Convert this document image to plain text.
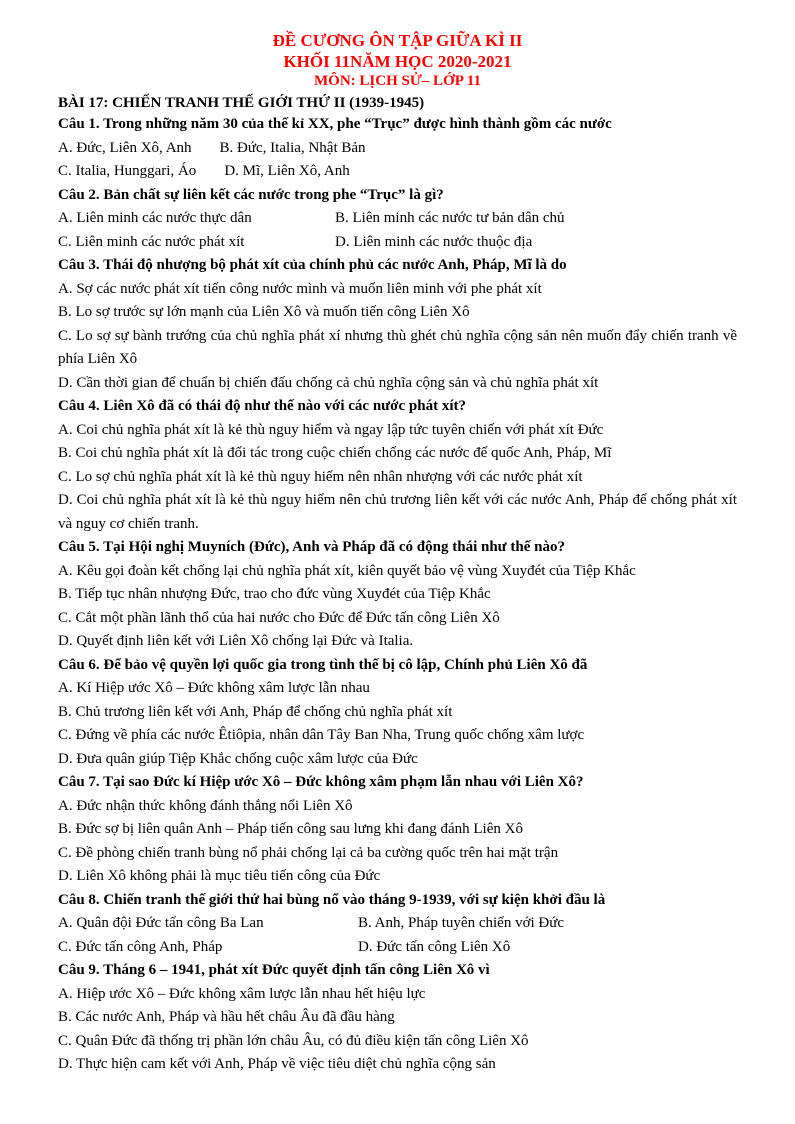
ĐỀ CƯƠNG ÔN TẬP GIỮA KÌ II
KHỐI 11NĂM HỌC 2020-2021
MÔN: LỊCH SỬ– LỚP 11
BÀI 17: CHIẾN TRANH THẾ GIỚI THỨ II (1939-1945)
Câu 1. Trong những năm 30 của thế kỉ XX, phe “Trục” được hình thành gồm các nước
A. Đức, Liên Xô, Anh B. Đức, Italia, Nhật Bản
C. Italia, Hunggari, Áo D. Mĩ, Liên Xô, Anh
Câu 2. Bản chất sự liên kết các nước trong phe “Trục” là gì?
A. Liên minh các nước thực dân	B. Liên minh các nước tư bản dân chủ
C. Liên minh các nước phát xít	D. Liên minh các nước thuộc địa
Câu 3. Thái độ nhượng bộ phát xít của chính phủ các nước Anh, Pháp, Mĩ là do
A. Sợ các nước phát xít tiến công nước mình và muốn liên minh với phe phát xít
B. Lo sợ trước sự lớn mạnh của Liên Xô và muốn tiến công Liên Xô
C. Lo sợ sự bành trướng của chủ nghĩa phát xí nhưng thù ghét chủ nghĩa cộng sản nên muốn đẩy chiến tranh về phía Liên Xô
D. Cần thời gian để chuẩn bị chiến đấu chống cả chủ nghĩa cộng sản và chủ nghĩa phát xít
Câu 4. Liên Xô đã có thái độ như thế nào với các nước phát xít?
A. Coi chủ nghĩa phát xít là kẻ thù nguy hiểm và ngay lập tức tuyên chiến với phát xít Đức
B. Coi chủ nghĩa phát xít là đối tác trong cuộc chiến chống các nước đế quốc Anh, Pháp, Mĩ
C. Lo sợ chủ nghĩa phát xít là kẻ thù nguy hiểm nên nhân nhượng với các nước phát xít
D. Coi chủ nghĩa phát xít là kẻ thù nguy hiểm nên chủ trương liên kết với các nước Anh, Pháp để chống phát xít và nguy cơ chiến tranh.
Câu 5. Tại Hội nghị Muyních (Đức), Anh và Pháp đã có động thái như thế nào?
A. Kêu gọi đoàn kết chống lại chủ nghĩa phát xít, kiên quyết bảo vệ vùng Xuyđét của Tiệp Khắc
B. Tiếp tục nhân nhượng Đức, trao cho đức vùng Xuyđét của Tiệp Khắc
C. Cắt một phần lãnh thổ của hai nước cho Đức để Đức tấn công Liên Xô
D. Quyết định liên kết với Liên Xô chống lại Đức và Italia.
Câu 6. Để bảo vệ quyền lợi quốc gia trong tình thế bị cô lập, Chính phủ Liên Xô đã
A. Kí Hiệp ước Xô – Đức không xâm lược lẫn nhau
B. Chủ trương liên kết với Anh, Pháp để chống chủ nghĩa phát xít
C. Đứng về phía các nước Êtiôpia, nhân dân Tây Ban Nha, Trung quốc chống xâm lược
D. Đưa quân giúp Tiệp Khắc chống cuộc xâm lược của Đức
Câu 7. Tại sao Đức kí Hiệp ước Xô – Đức không xâm phạm lẫn nhau với Liên Xô?
A. Đức nhận thức không đánh thắng nổi Liên Xô
B. Đức sợ bị liên quân Anh – Pháp tiến công sau lưng khi đang đánh Liên Xô
C. Đề phòng chiến tranh bùng nổ phải chống lại cả ba cường quốc trên hai mặt trận
D. Liên Xô không phải là mục tiêu tiến công của Đức
Câu 8. Chiến tranh thế giới thứ hai bùng nổ vào tháng 9-1939, với sự kiện khởi đầu là
A. Quân đội Đức tấn công Ba Lan	B. Anh, Pháp tuyên chiến với Đức
C. Đức tấn công Anh, Pháp	D. Đức tấn công Liên Xô
Câu 9. Tháng 6 – 1941, phát xít Đức quyết định tấn công Liên Xô vì
A. Hiệp ước Xô – Đức không xâm lược lẫn nhau hết hiệu lực
B. Các nước Anh, Pháp và hầu hết châu Âu đã đầu hàng
C. Quân Đức đã thống trị phần lớn châu Âu, có đủ điều kiện tấn công Liên Xô
D. Thực hiện cam kết với Anh, Pháp về việc tiêu diệt chủ nghĩa cộng sản
